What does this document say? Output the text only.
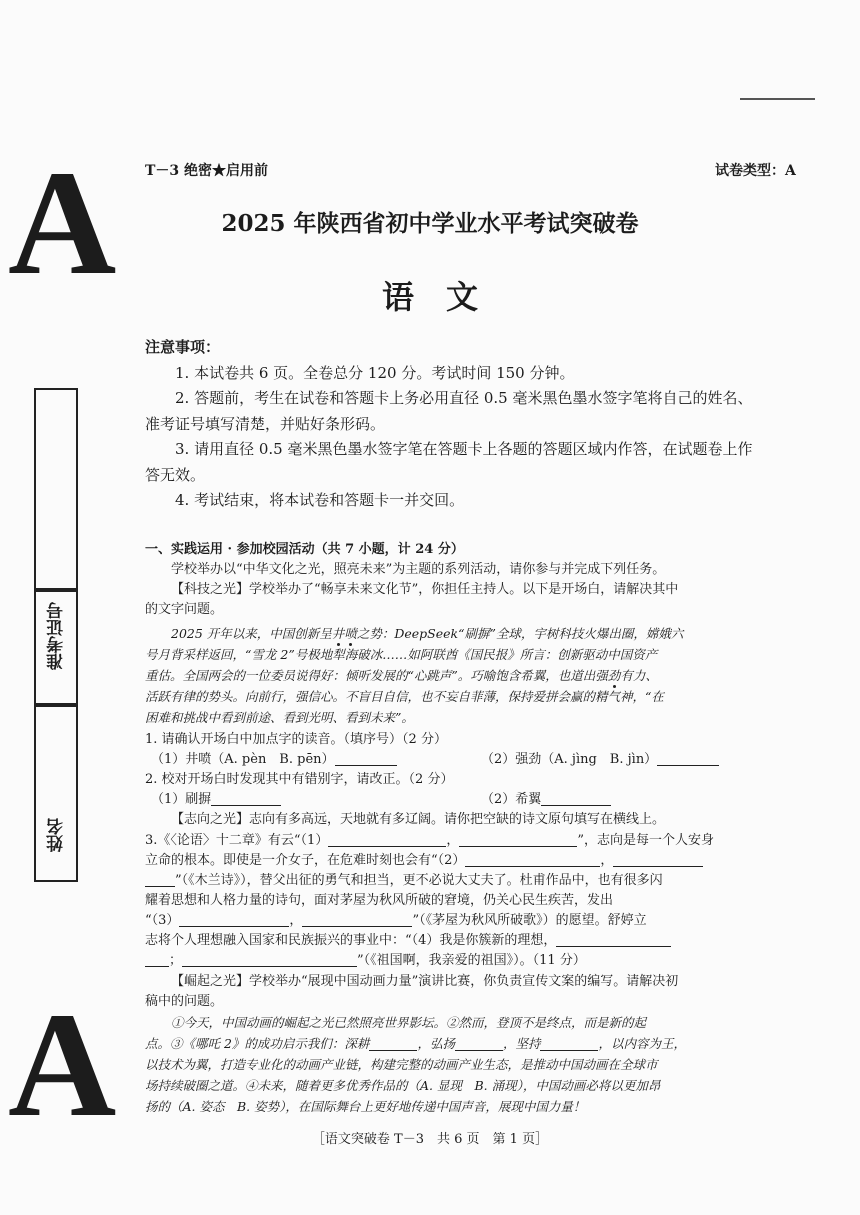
A
A
准考证号
姓名
T－3 绝密★启用前	试卷类型：A
2025 年陕西省初中学业水平考试突破卷
语　文

注意事项：

1. 本试卷共 6 页。全卷总分 120 分。考试时间 150 分钟。

2. 答题前，考生在试卷和答题卡上务必用直径 0.5 毫米黑色墨水签字笔将自己的姓名、

准考证号填写清楚，并贴好条形码。

3. 请用直径 0.5 毫米黑色墨水签字笔在答题卡上各题的答题区域内作答，在试题卷上作

答无效。

4. 考试结束，将本试卷和答题卡一并交回。

一、实践运用 · 参加校园活动（共 7 小题，计 24 分）
学校举办以“中华文化之光，照亮未来”为主题的系列活动，请你参与并完成下列任务。
【科技之光】学校举办了“畅享未来文化节”，你担任主持人。以下是开场白，请解决其中
的文字问题。
2025 开年以来，中国创新呈井喷之势：DeepSeek“刷摒”全球，宇树科技火爆出圈，嫦娥六
号月背采样返回，“雪龙 2”号极地犁海破冰……如阿联酋《国民报》所言：创新驱动中国资产
重估。全国两会的一位委员说得好：倾听发展的“心跳声”。巧喻饱含希翼，也道出强劲有力、
活跃有律的势头。向前行，强信心。不盲目自信，也不妄自菲薄，保持爱拼会赢的精气神，“在
困难和挑战中看到前途、看到光明、看到未来”。
1. 请确认开场白中加点字的读音。（填序号）（2 分）
（1）井喷（A. pèn　B. pēn）	（2）强劲（A. jìng　B. jìn）
2. 校对开场白时发现其中有错别字，请改正。（2 分）
（1）刷摒	（2）希翼
【志向之光】志向有多高远，天地就有多辽阔。请你把空缺的诗文原句填写在横线上。
3.《〈论语〉十二章》有云“（1）	，	”，志向是每一个人安身
立命的根本。即使是一介女子，在危难时刻也会有“（2）	，
”（《木兰诗》），替父出征的勇气和担当，更不必说大丈夫了。杜甫作品中，也有很多闪
耀着思想和人格力量的诗句，面对茅屋为秋风所破的窘境，仍关心民生疾苦，发出
“（3）	，	”（《茅屋为秋风所破歌》）的愿望。舒婷立
志将个人理想融入国家和民族振兴的事业中：“（4）我是你簇新的理想，
；	”（《祖国啊，我亲爱的祖国》）。（11 分）
【崛起之光】学校举办“展现中国动画力量”演讲比赛，你负责宣传文案的编写。请解决初
稿中的问题。
①今天，中国动画的崛起之光已然照亮世界影坛。②然而，登顶不是终点，而是新的起
点。③《哪吒 2》的成功启示我们：深耕	，弘扬	，坚持	，以内容为王，
以技术为翼，打造专业化的动画产业链，构建完整的动画产业生态，是推动中国动画在全球市
场持续破圈之道。④未来，随着更多优秀作品的（A. 显现　B. 涌现），中国动画必将以更加昂
扬的（A. 姿态　B. 姿势），在国际舞台上更好地传递中国声音，展现中国力量！
［语文突破卷 T－3　共 6 页　第 1 页］
